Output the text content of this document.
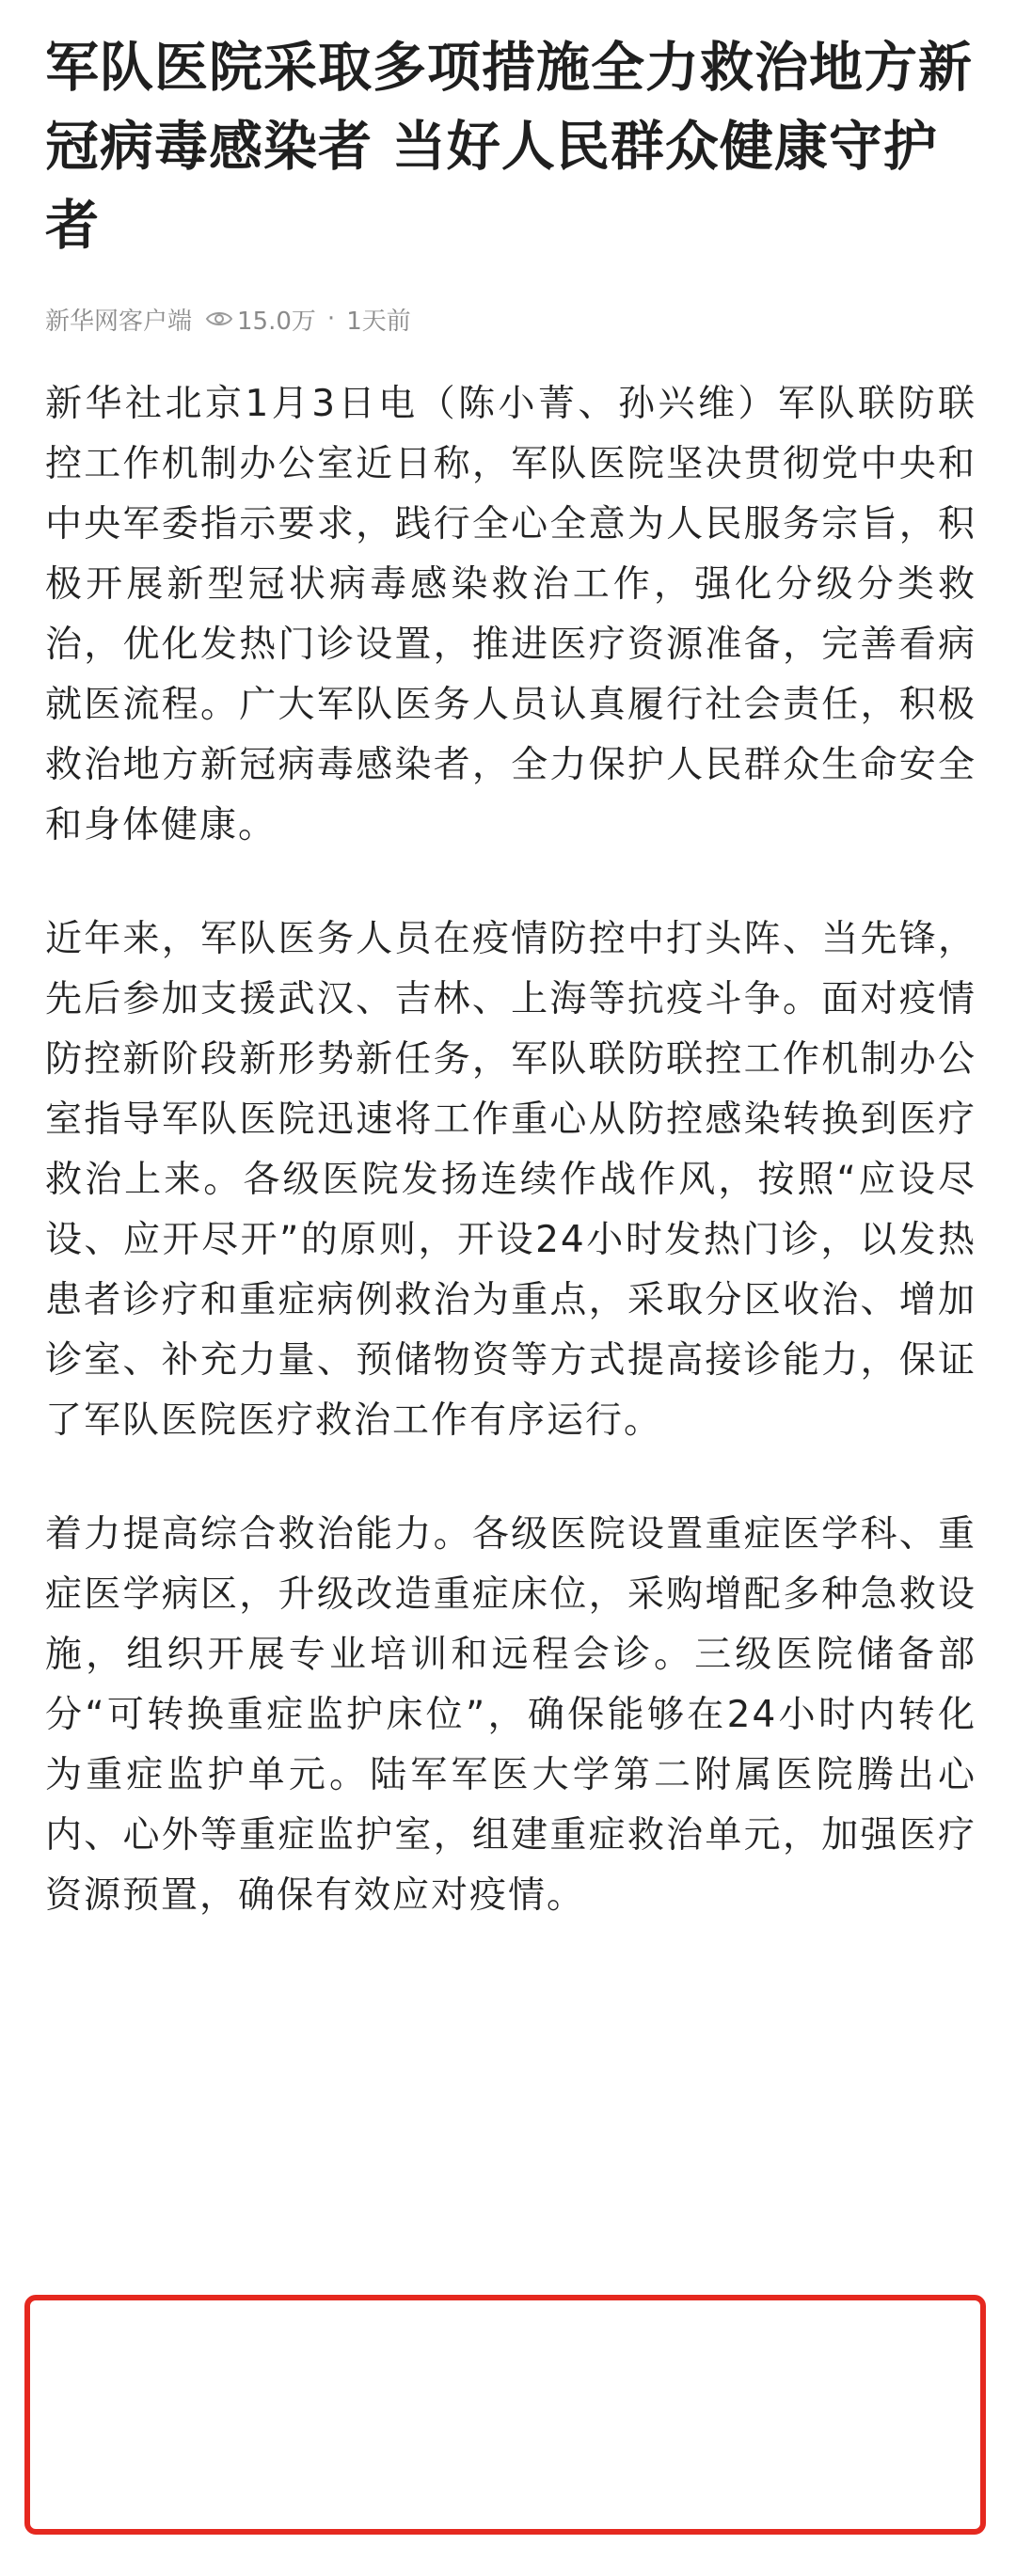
军队医院采取多项措施全力救治地方新冠病毒感染者 当好人民群众健康守护者
新华网客户端 15.0万 · 1天前

新华社北京1月3日电（陈小菁、孙兴维）军队联防联控工作机制办公室近日称，军队医院坚决贯彻党中央和中央军委指示要求，践行全心全意为人民服务宗旨，积极开展新型冠状病毒感染救治工作，强化分级分类救治，优化发热门诊设置，推进医疗资源准备，完善看病就医流程。广大军队医务人员认真履行社会责任，积极救治地方新冠病毒感染者，全力保护人民群众生命安全和身体健康。

近年来，军队医务人员在疫情防控中打头阵、当先锋，先后参加支援武汉、吉林、上海等抗疫斗争。面对疫情防控新阶段新形势新任务，军队联防联控工作机制办公室指导军队医院迅速将工作重心从防控感染转换到医疗救治上来。各级医院发扬连续作战作风，按照“应设尽设、应开尽开”的原则，开设24小时发热门诊，以发热患者诊疗和重症病例救治为重点，采取分区收治、增加诊室、补充力量、预储物资等方式提高接诊能力，保证了军队医院医疗救治工作有序运行。

着力提高综合救治能力。各级医院设置重症医学科、重症医学病区，升级改造重症床位，采购增配多种急救设施，组织开展专业培训和远程会诊。三级医院储备部分“可转换重症监护床位”，确保能够在24小时内转化为重症监护单元。陆军军医大学第二附属医院腾出心内、心外等重症监护室，组建重症救治单元，加强医疗资源预置，确保有效应对疫情。
